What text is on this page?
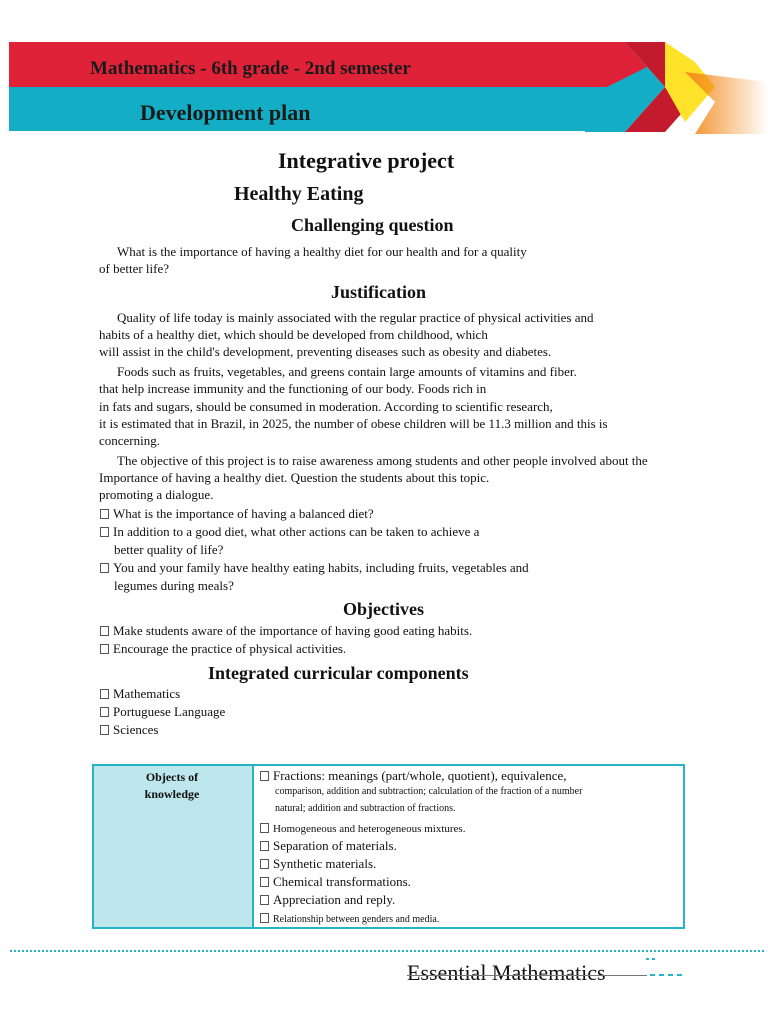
Mathematics - 6th grade - 2nd semester
Development plan
Integrative project
Healthy Eating
Challenging question
What is the importance of having a healthy diet for our health and for a quality
of better life?
Justification
Quality of life today is mainly associated with the regular practice of physical activities and
habits of a healthy diet, which should be developed from childhood, which
will assist in the child's development, preventing diseases such as obesity and diabetes.
Foods such as fruits, vegetables, and greens contain large amounts of vitamins and fiber.
that help increase immunity and the functioning of our body. Foods rich in
in fats and sugars, should be consumed in moderation. According to scientific research,
it is estimated that in Brazil, in 2025, the number of obese children will be 11.3 million and this is
concerning.
The objective of this project is to raise awareness among students and other people involved about the
Importance of having a healthy diet. Question the students about this topic.
promoting a dialogue.
What is the importance of having a balanced diet?
In addition to a good diet, what other actions can be taken to achieve a
better quality of life?
You and your family have healthy eating habits, including fruits, vegetables and
legumes during meals?
Objectives
Make students aware of the importance of having good eating habits.
Encourage the practice of physical activities.
Integrated curricular components
Mathematics
Portuguese Language
Sciences
Objects of
knowledge
Fractions: meanings (part/whole, quotient), equivalence,
comparison, addition and subtraction; calculation of the fraction of a number
natural; addition and subtraction of fractions.
Homogeneous and heterogeneous mixtures.
Separation of materials.
Synthetic materials.
Chemical transformations.
Appreciation and reply.
Relationship between genders and media.
Essential Mathematics
